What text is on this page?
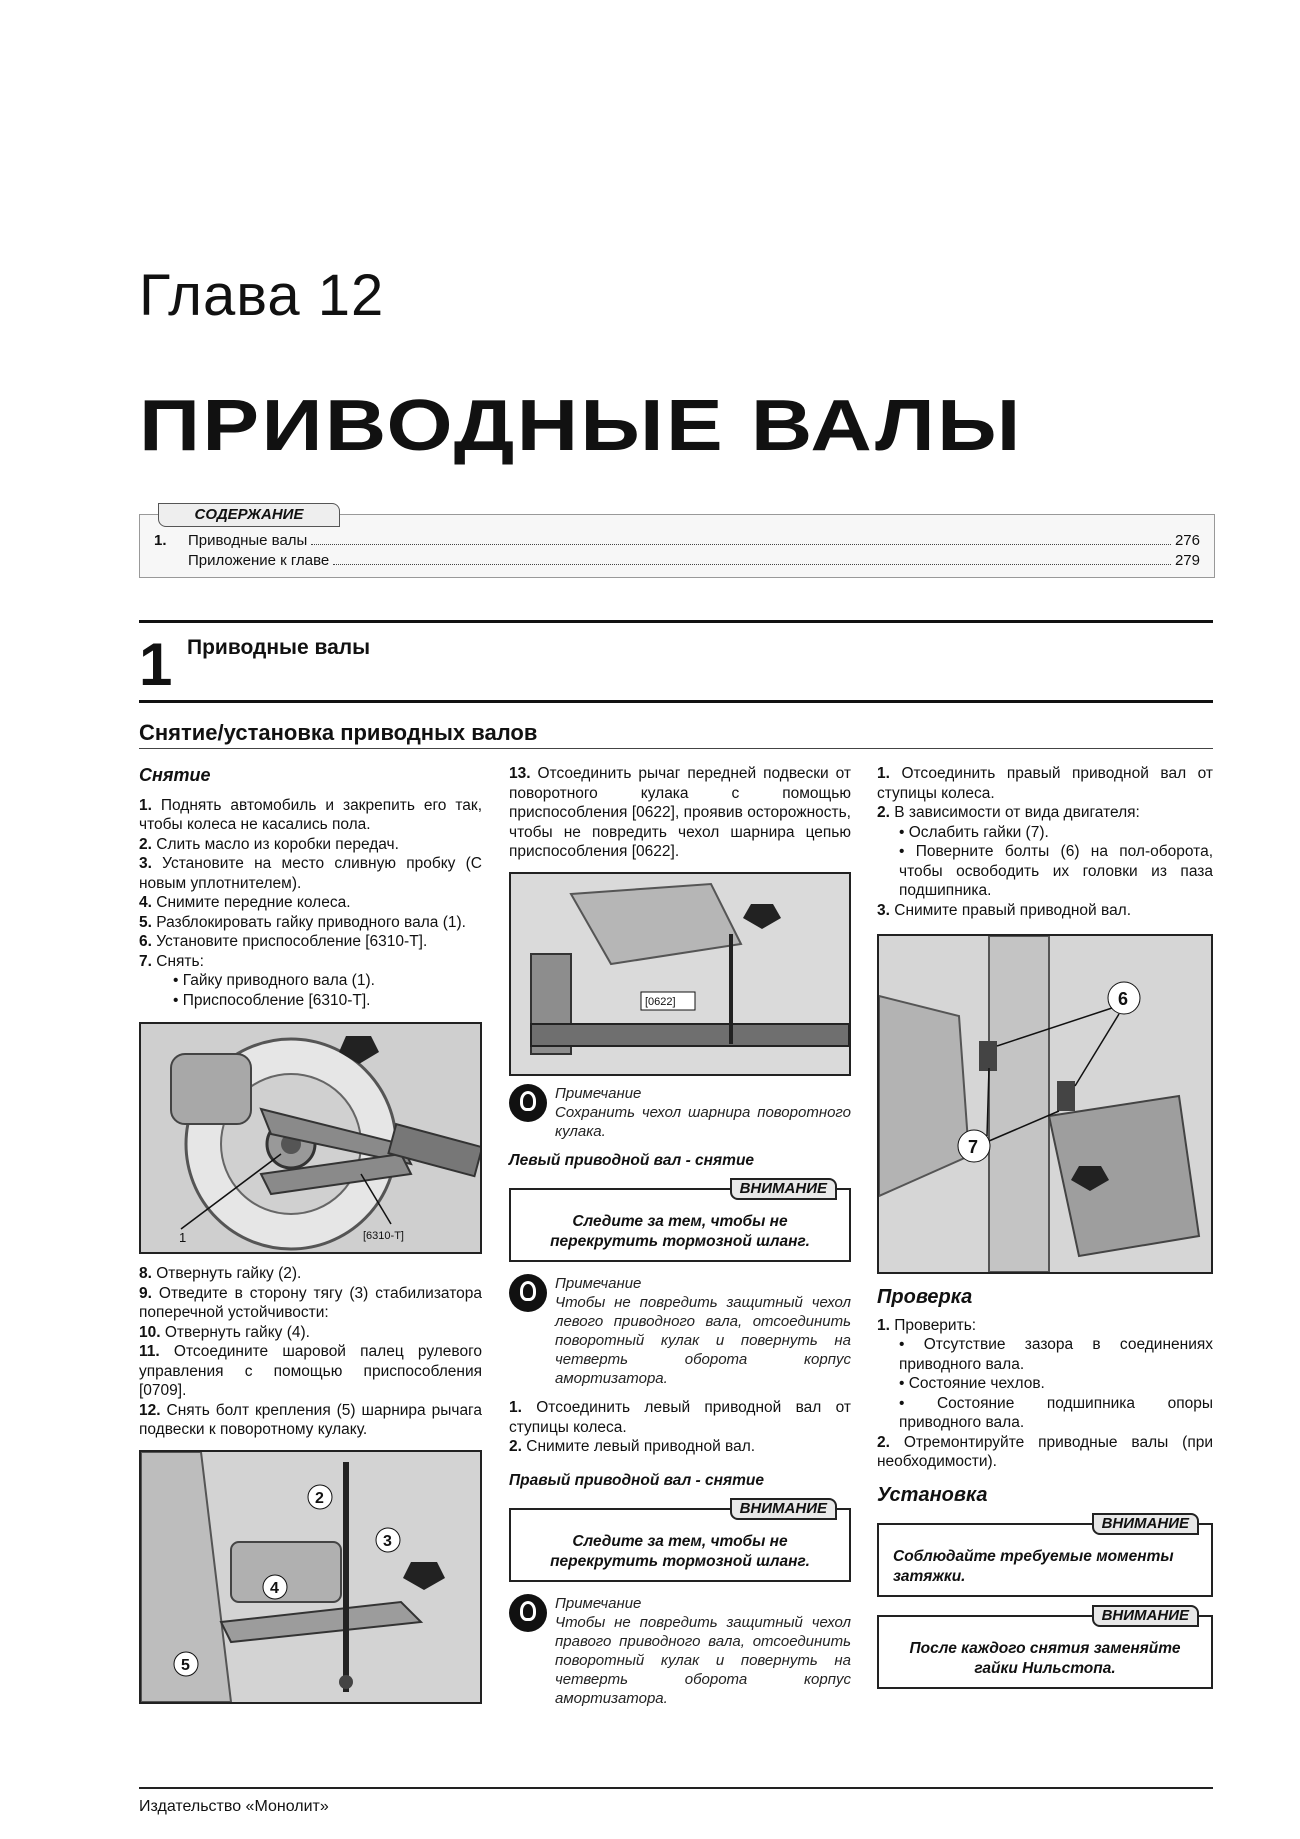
Глава 12
ПРИВОДНЫЕ ВАЛЫ
СОДЕРЖАНИЕ
1.	Приводные валы	276
Приложение к главе	279
1 Приводные валы
Снятие/установка приводных валов
Снятие

1. Поднять автомобиль и закрепить его так, чтобы колеса не касались пола.

2. Слить масло из коробки передач.

3. Установите на место сливную пробку (С новым уплотнителем).

4. Снимите передние колеса.

5. Разблокировать гайку приводного вала (1).

6. Установите приспособление [6310-Т].

7. Снять:

• Гайку приводного вала (1).

• Приспособление [6310-Т].

1	[6310-T]

8. Отвернуть гайку (2).

9. Отведите в сторону тягу (3) стабилизатора поперечной устойчивости:

10. Отвернуть гайку (4).

11. Отсоедините шаровой палец рулевого управления с помощью приспособления [0709].

12. Снять болт крепления (5) шарнира рычага подвески к поворотному кулаку.

2
3
4
5

13. Отсоединить рычаг передней подвески от поворотного кулака с помощью приспособления [0622], проявив осторожность, чтобы не повредить чехол шарнира цепью приспособления [0622].

[0622]
Примечание
Сохранить чехол шарнира поворотного кулака.
Левый приводной вал - снятие
ВНИМАНИЕ
Следите за тем, чтобы не перекрутить тормозной шланг.
Примечание
Чтобы не повредить защитный чехол левого приводного вала, отсоединить поворотный кулак и повернуть на четверть оборота корпус амортизатора.

1. Отсоединить левый приводной вал от ступицы колеса.

2. Снимите левый приводной вал.

Правый приводной вал - снятие
ВНИМАНИЕ
Следите за тем, чтобы не перекрутить тормозной шланг.
Примечание
Чтобы не повредить защитный чехол правого приводного вала, отсоединить поворотный кулак и повернуть на четверть оборота корпус амортизатора.

1. Отсоединить правый приводной вал от ступицы колеса.

2. В зависимости от вида двигателя:

• Ослабить гайки (7).

• Поверните болты (6) на пол-оборота, чтобы освободить их головки из паза подшипника.

3. Снимите правый приводной вал.

6
7
Проверка

1. Проверить:

• Отсутствие зазора в соединениях приводного вала.

• Состояние чехлов.

• Состояние подшипника опоры приводного вала.

2. Отремонтируйте приводные валы (при необходимости).

Установка
ВНИМАНИЕ
Соблюдайте требуемые моменты затяжки.
ВНИМАНИЕ
После каждого снятия заменяйте гайки Нильстопа.
Издательство «Монолит»
